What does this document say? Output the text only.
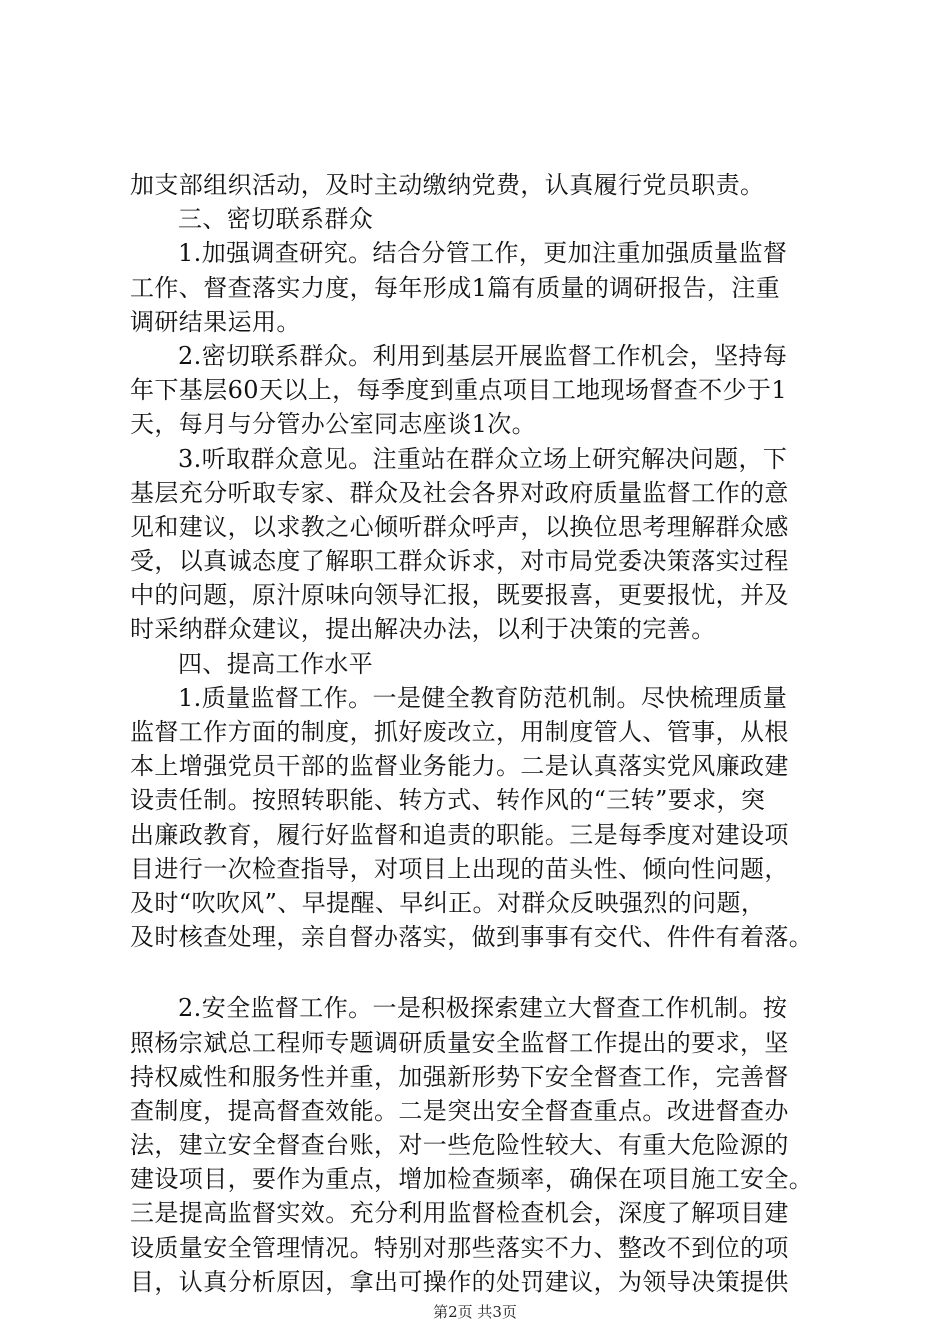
加支部组织活动，及时主动缴纳党费，认真履行党员职责。
三、密切联系群众
1.加强调查研究。结合分管工作，更加注重加强质量监督
工作、督查落实力度，每年形成1篇有质量的调研报告，注重
调研结果运用。
2.密切联系群众。利用到基层开展监督工作机会，坚持每
年下基层60天以上，每季度到重点项目工地现场督查不少于1
天，每月与分管办公室同志座谈1次。
3.听取群众意见。注重站在群众立场上研究解决问题，下
基层充分听取专家、群众及社会各界对政府质量监督工作的意
见和建议，以求教之心倾听群众呼声，以换位思考理解群众感
受，以真诚态度了解职工群众诉求，对市局党委决策落实过程
中的问题，原汁原味向领导汇报，既要报喜，更要报忧，并及
时采纳群众建议，提出解决办法，以利于决策的完善。
四、提高工作水平
1.质量监督工作。一是健全教育防范机制。尽快梳理质量
监督工作方面的制度，抓好废改立，用制度管人、管事，从根
本上增强党员干部的监督业务能力。二是认真落实党风廉政建
设责任制。按照转职能、转方式、转作风的“三转”要求，突
出廉政教育，履行好监督和追责的职能。三是每季度对建设项
目进行一次检查指导，对项目上出现的苗头性、倾向性问题，
及时“吹吹风”、早提醒、早纠正。对群众反映强烈的问题，
及时核查处理，亲自督办落实，做到事事有交代、件件有着落。
2.安全监督工作。一是积极探索建立大督查工作机制。按
照杨宗斌总工程师专题调研质量安全监督工作提出的要求，坚
持权威性和服务性并重，加强新形势下安全督查工作，完善督
查制度，提高督查效能。二是突出安全督查重点。改进督查办
法，建立安全督查台账，对一些危险性较大、有重大危险源的
建设项目，要作为重点，增加检查频率，确保在项目施工安全。
三是提高监督实效。充分利用监督检查机会，深度了解项目建
设质量安全管理情况。特别对那些落实不力、整改不到位的项
目，认真分析原因，拿出可操作的处罚建议，为领导决策提供
第2页 共3页
